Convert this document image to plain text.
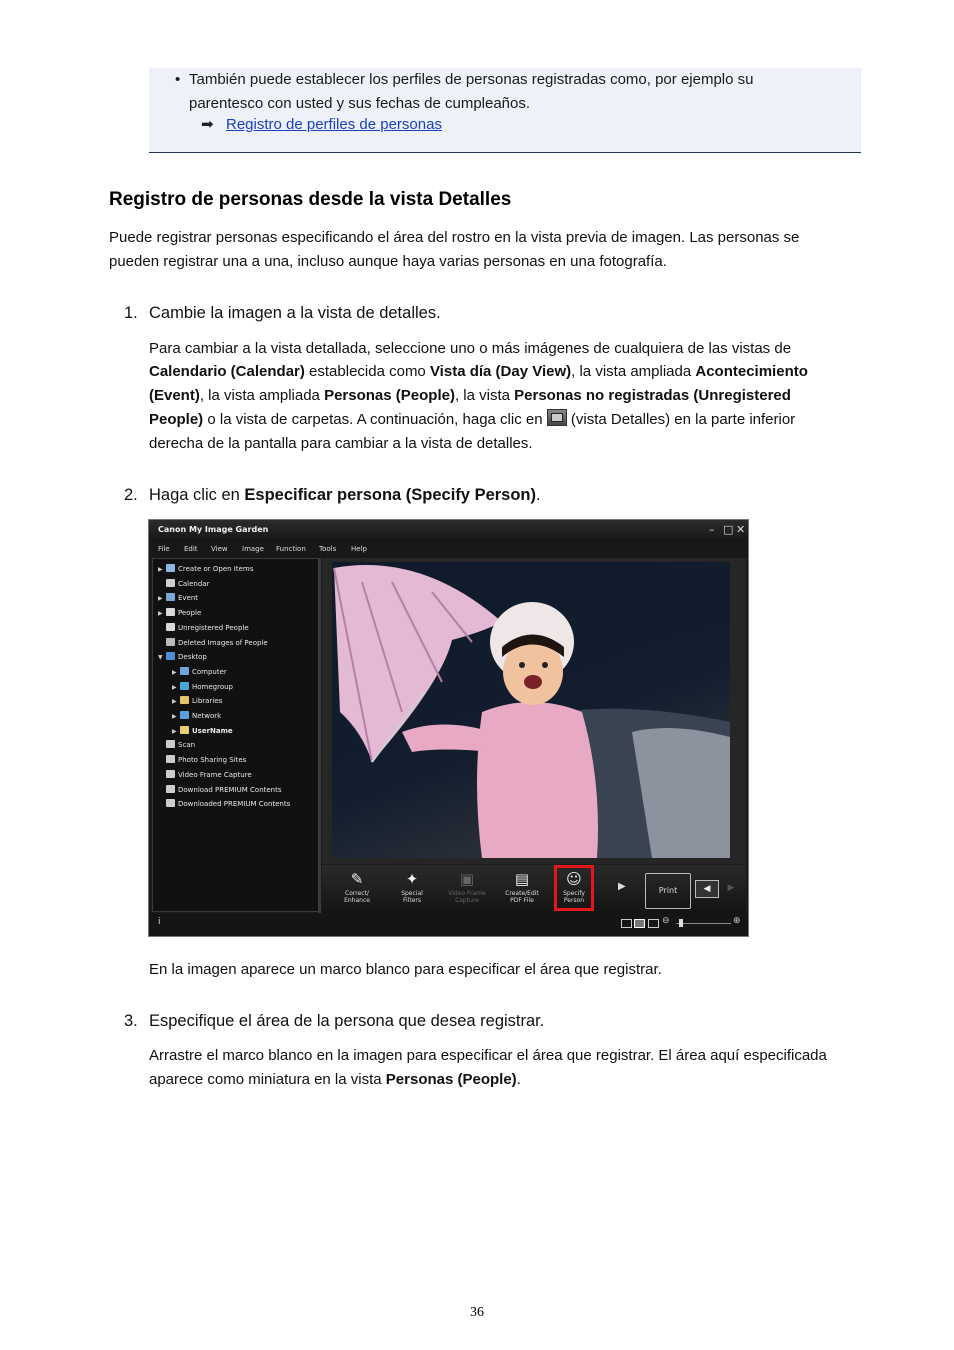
• También puede establecer los perfiles de personas registradas como, por ejemplo su
parentesco con usted y sus fechas de cumpleaños.
➡ Registro de perfiles de personas
Registro de personas desde la vista Detalles
Puede registrar personas especificando el área del rostro en la vista previa de imagen. Las personas se
pueden registrar una a una, incluso aunque haya varias personas en una fotografía.
1. Cambie la imagen a la vista de detalles.
Para cambiar a la vista detallada, seleccione uno o más imágenes de cualquiera de las vistas de
Calendario (Calendar) establecida como Vista día (Day View), la vista ampliada Acontecimiento
(Event), la vista ampliada Personas (People), la vista Personas no registradas (Unregistered
People) o la vista de carpetas. A continuación, haga clic en  (vista Detalles) en la parte inferior
derecha de la pantalla para cambiar a la vista de detalles.
2. Haga clic en Especificar persona (Specify Person).
Canon My Image Garden	– □ ✕
File Edit View Image Function Tools Help
▶ Create or Open Items
Calendar
▶ Event
▶ People
Unregistered People
Deleted Images of People
▼ Desktop
▶ Computer
▶ Homegroup
▶ Libraries
▶ Network
▶ UserName
Scan
Photo Sharing Sites
Video Frame Capture
Download PREMIUM Contents
Downloaded PREMIUM Contents
✎
Correct/
Enhance
✦
Special
Filters
▣
Video Frame
Capture
▤
Create/Edit
PDF File
☺
Specify
Person
▶	Print	◀	▶
i	⊖	⊕
En la imagen aparece un marco blanco para especificar el área que registrar.
3. Especifique el área de la persona que desea registrar.
Arrastre el marco blanco en la imagen para especificar el área que registrar. El área aquí especificada
aparece como miniatura en la vista Personas (People).
36
